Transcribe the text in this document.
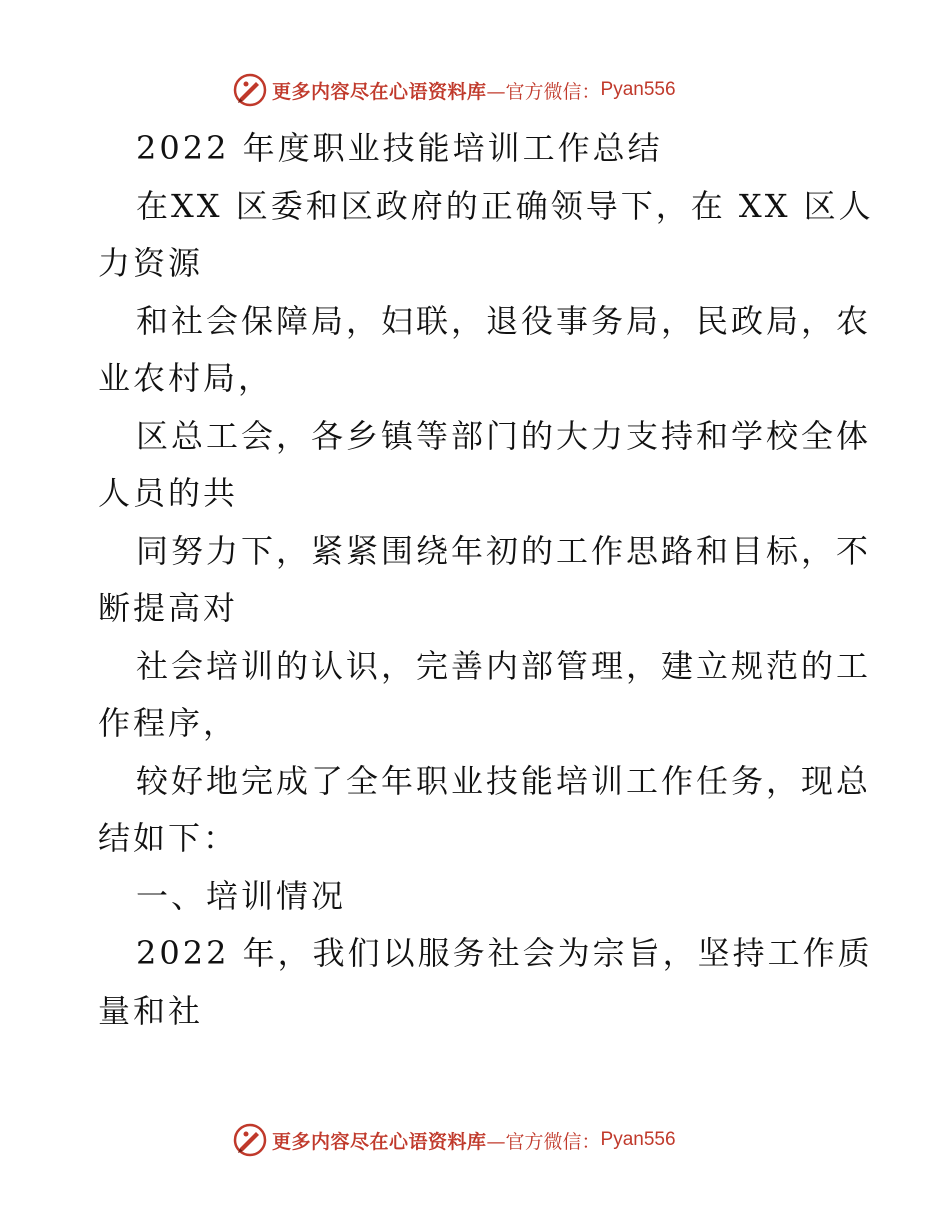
更多内容尽在心语资料库 —官方微信： Pyan556
2022 年度职业技能培训工作总结
在XX 区委和区政府的正确领导下，在 XX 区人
力资源
和社会保障局，妇联，退役事务局，民政局，农
业农村局，
区总工会，各乡镇等部门的大力支持和学校全体
人员的共
同努力下，紧紧围绕年初的工作思路和目标，不
断提高对
社会培训的认识，完善内部管理，建立规范的工
作程序，
较好地完成了全年职业技能培训工作任务，现总
结如下：
一、培训情况
2022 年，我们以服务社会为宗旨，坚持工作质
量和社
更多内容尽在心语资料库 —官方微信： Pyan556
